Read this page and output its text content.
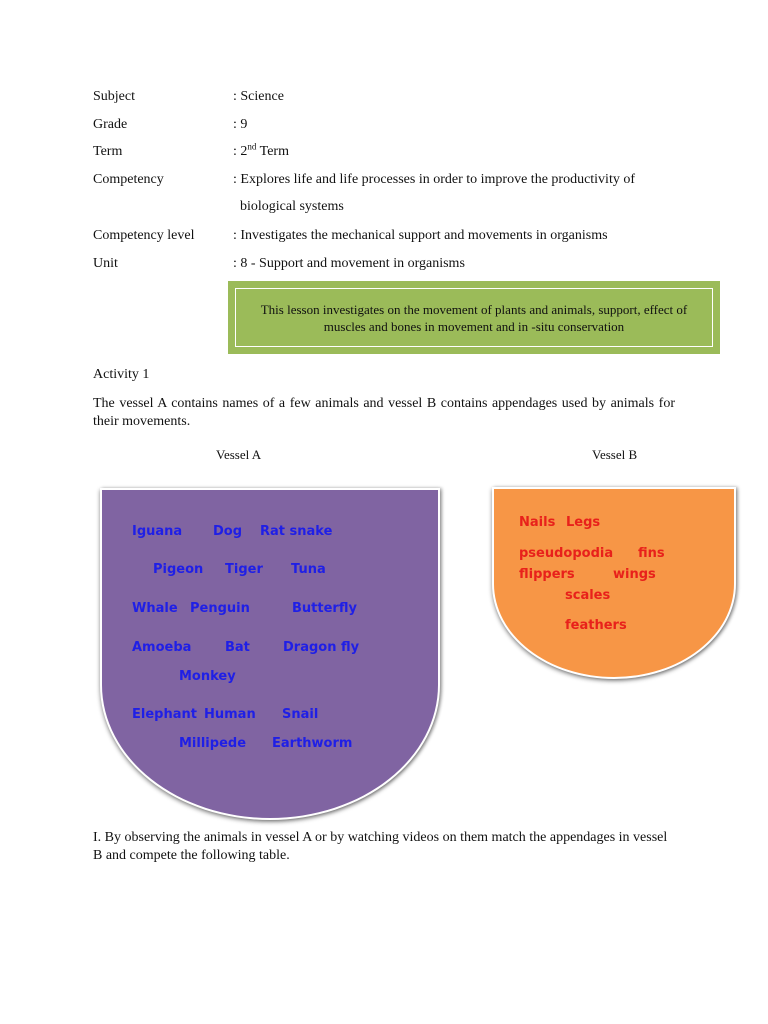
Subject	: Science
Grade	: 9
Term	: 2nd Term
Competency	: Explores life and life processes in order to improve the productivity of
biological systems
Competency level	: Investigates the mechanical support and movements in organisms
Unit	: 8 - Support and movement in organisms
This lesson investigates on the movement of plants and animals, support, effect of muscles and bones in movement and in -situ conservation
Activity 1
The vessel A contains names of a few animals and vessel B contains appendages used by animals for their movements.
Vessel A	Vessel B
Iguana Dog Rat snake
Pigeon Tiger Tuna
Whale Penguin	Butterfly
Amoeba	Bat	Dragon fly
Monkey
Elephant Human Snail
Millipede Earthworm
Nails Legs
pseudopodia fins
flippers	wings
scales
feathers
I. By observing the animals in vessel A or by watching videos on them match the appendages in vessel B and compete the following table.
